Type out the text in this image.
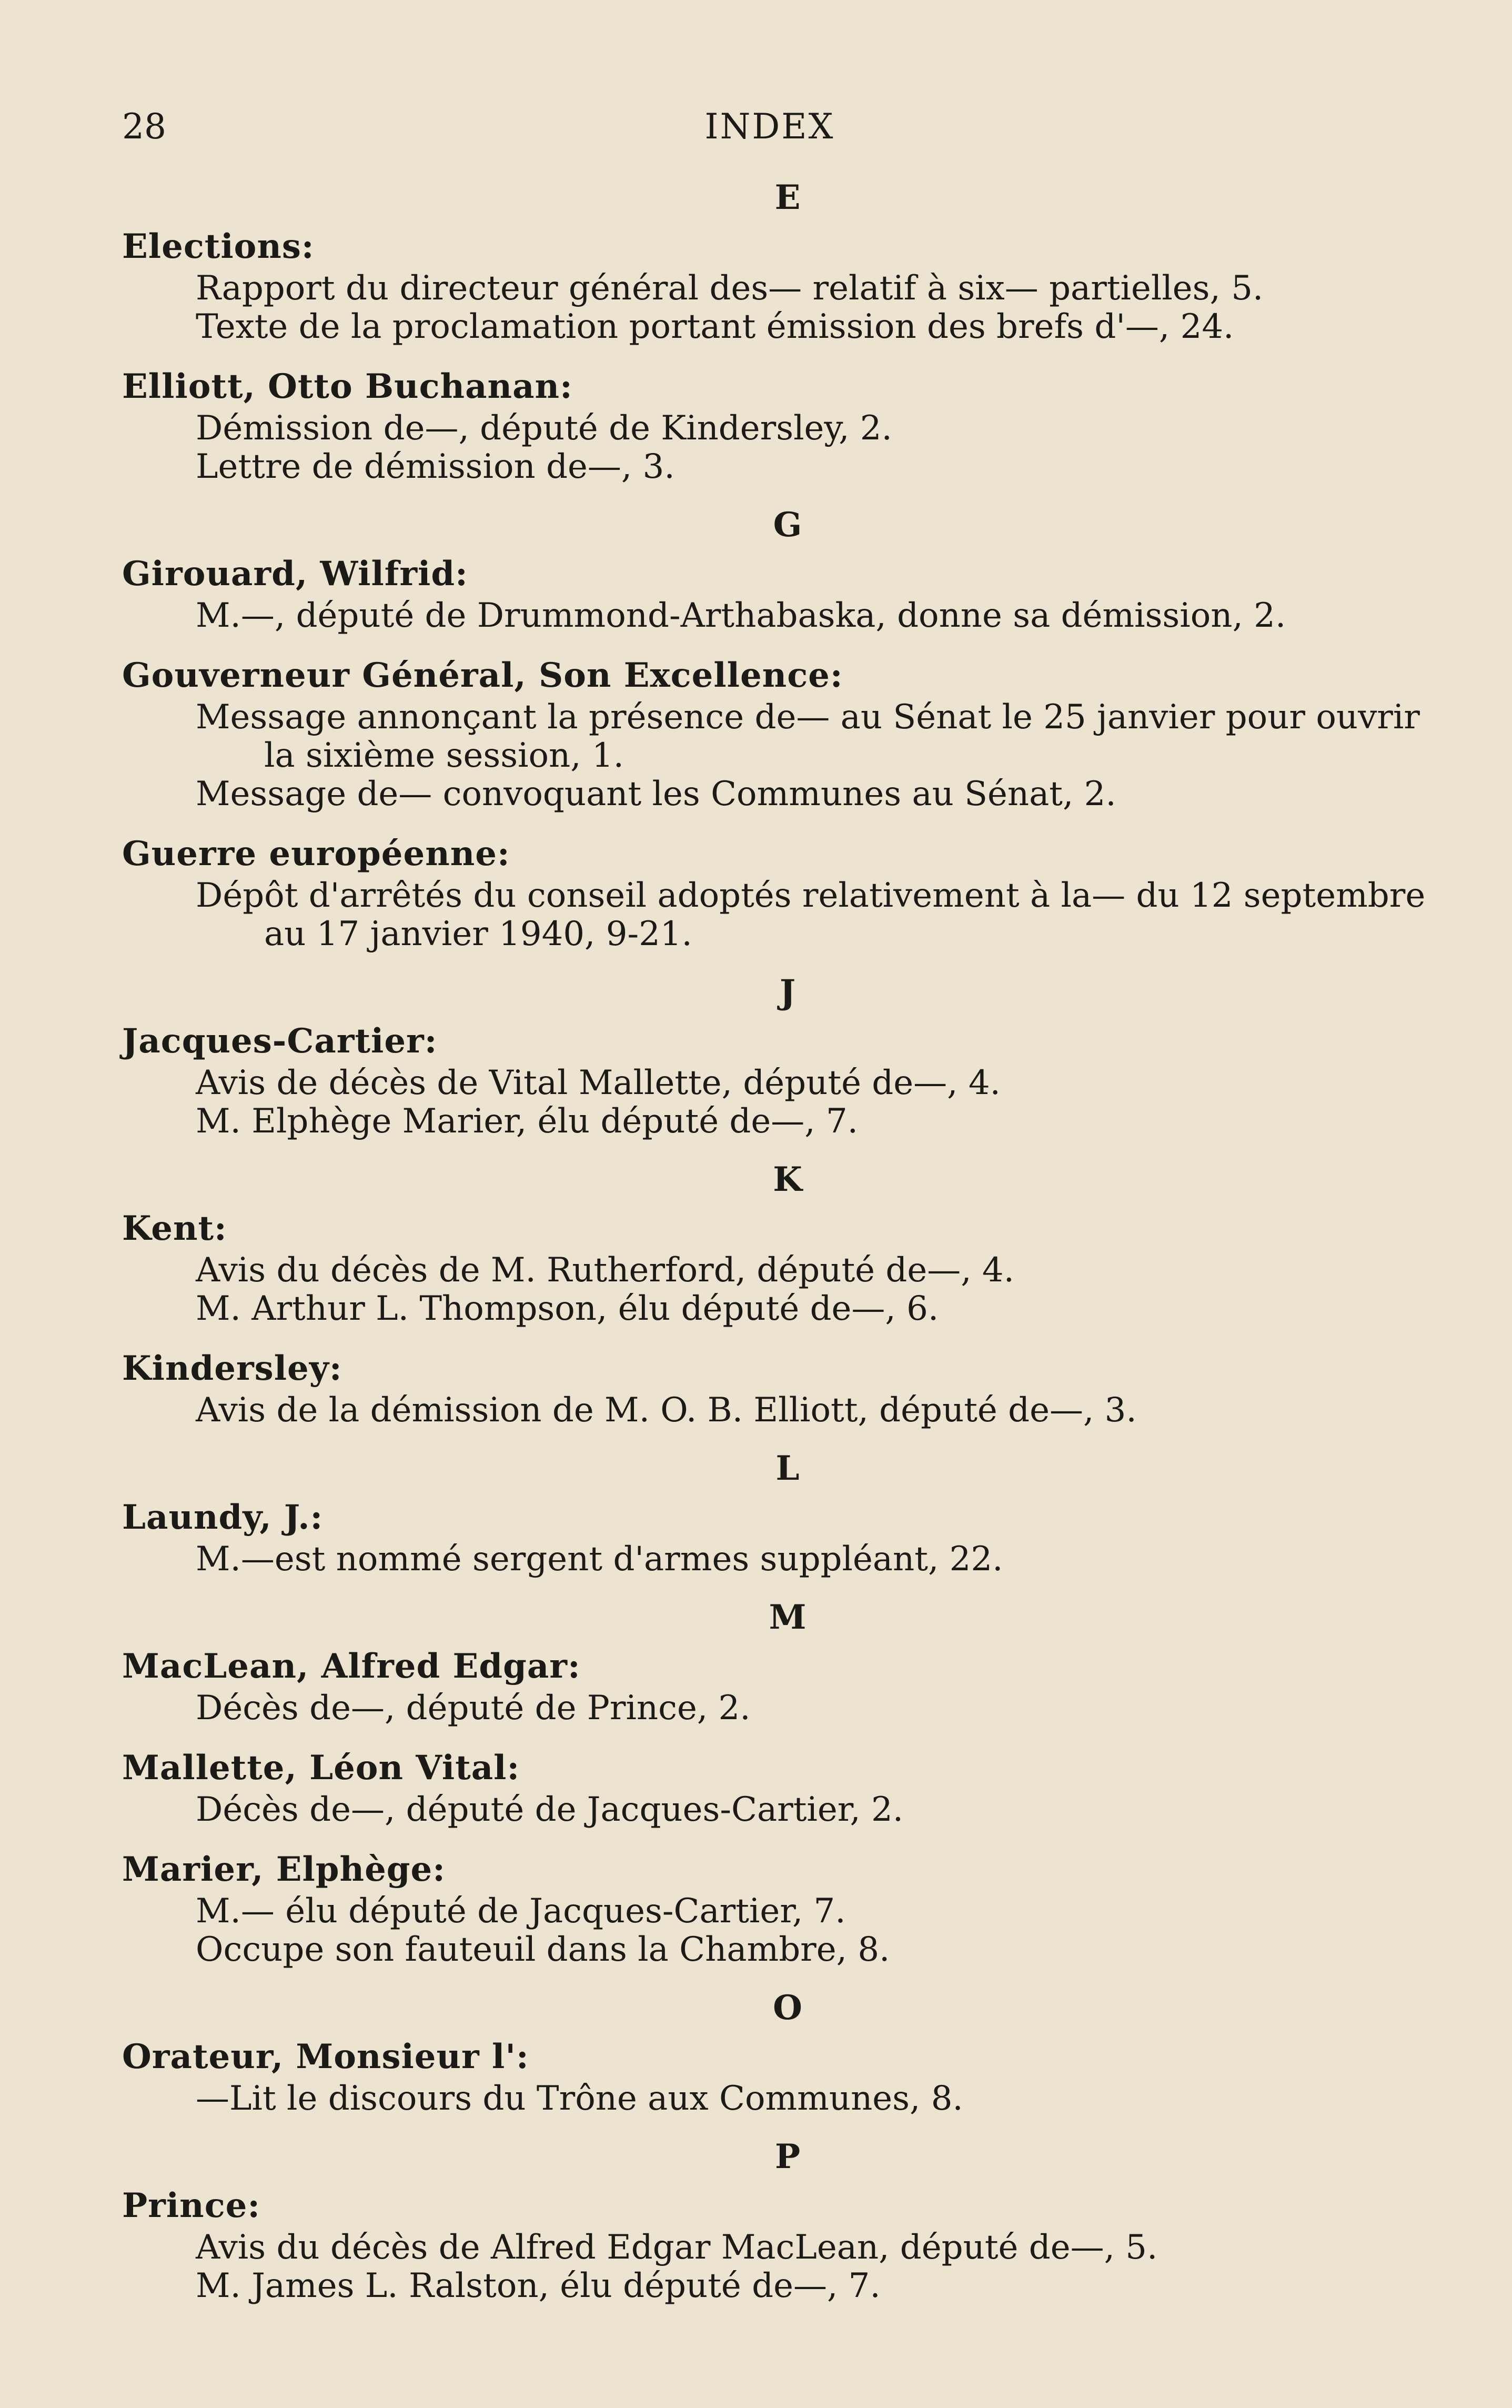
28	INDEX
E
Elections:
Rapport du directeur général des— relatif à six— partielles, 5.
Texte de la proclamation portant émission des brefs d'—, 24.
Elliott, Otto Buchanan:
Démission de—, député de Kindersley, 2.
Lettre de démission de—, 3.
G
Girouard, Wilfrid:
M.—, député de Drummond-Arthabaska, donne sa démission, 2.
Gouverneur Général, Son Excellence:
Message annonçant la présence de— au Sénat le 25 janvier pour ouvrir la sixième session, 1.
Message de— convoquant les Communes au Sénat, 2.
Guerre européenne:
Dépôt d'arrêtés du conseil adoptés relativement à la— du 12 septembre au 17 janvier 1940, 9-21.
J
Jacques-Cartier:
Avis de décès de Vital Mallette, député de—, 4.
M. Elphège Marier, élu député de—, 7.
K
Kent:
Avis du décès de M. Rutherford, député de—, 4.
M. Arthur L. Thompson, élu député de—, 6.
Kindersley:
Avis de la démission de M. O. B. Elliott, député de—, 3.
L
Laundy, J.:
M.—est nommé sergent d'armes suppléant, 22.
M
MacLean, Alfred Edgar:
Décès de—, député de Prince, 2.
Mallette, Léon Vital:
Décès de—, député de Jacques-Cartier, 2.
Marier, Elphège:
M.— élu député de Jacques-Cartier, 7.
Occupe son fauteuil dans la Chambre, 8.
O
Orateur, Monsieur l':
—Lit le discours du Trône aux Communes, 8.
P
Prince:
Avis du décès de Alfred Edgar MacLean, député de—, 5.
M. James L. Ralston, élu député de—, 7.
